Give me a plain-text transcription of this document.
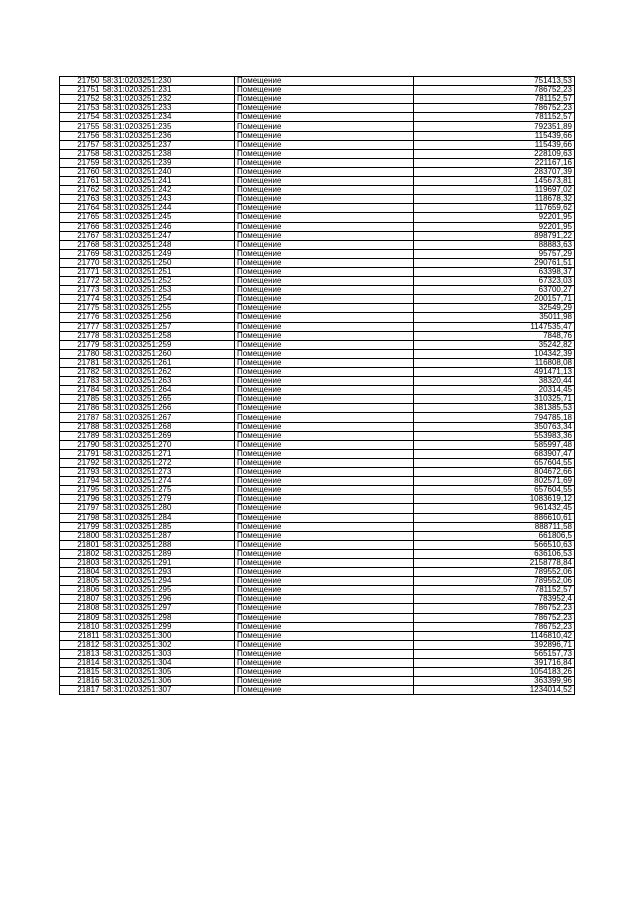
21750	58:31:0203251:230	Помещение	751413,53
21751	58:31:0203251:231	Помещение	786752,23
21752	58:31:0203251:232	Помещение	781152,57
21753	58:31:0203251:233	Помещение	786752,23
21754	58:31:0203251:234	Помещение	781152,57
21755	58:31:0203251:235	Помещение	792351,89
21756	58:31:0203251:236	Помещение	115439,66
21757	58:31:0203251:237	Помещение	115439,66
21758	58:31:0203251:238	Помещение	228109,63
21759	58:31:0203251:239	Помещение	221167,16
21760	58:31:0203251:240	Помещение	283707,39
21761	58:31:0203251:241	Помещение	145673,81
21762	58:31:0203251:242	Помещение	119697,02
21763	58:31:0203251:243	Помещение	118678,32
21764	58:31:0203251:244	Помещение	117659,62
21765	58:31:0203251:245	Помещение	92201,95
21766	58:31:0203251:246	Помещение	92201,95
21767	58:31:0203251:247	Помещение	898791,22
21768	58:31:0203251:248	Помещение	88883,63
21769	58:31:0203251:249	Помещение	95757,29
21770	58:31:0203251:250	Помещение	290761,51
21771	58:31:0203251:251	Помещение	63398,37
21772	58:31:0203251:252	Помещение	67323,03
21773	58:31:0203251:253	Помещение	63700,27
21774	58:31:0203251:254	Помещение	200157,71
21775	58:31:0203251:255	Помещение	32549,29
21776	58:31:0203251:256	Помещение	35011,98
21777	58:31:0203251:257	Помещение	1147535,47
21778	58:31:0203251:258	Помещение	7848,76
21779	58:31:0203251:259	Помещение	35242,82
21780	58:31:0203251:260	Помещение	104342,39
21781	58:31:0203251:261	Помещение	116808,08
21782	58:31:0203251:262	Помещение	491471,13
21783	58:31:0203251:263	Помещение	38320,44
21784	58:31:0203251:264	Помещение	20314,45
21785	58:31:0203251:265	Помещение	310325,71
21786	58:31:0203251:266	Помещение	381385,53
21787	58:31:0203251:267	Помещение	794785,18
21788	58:31:0203251:268	Помещение	350763,34
21789	58:31:0203251:269	Помещение	553983,36
21790	58:31:0203251:270	Помещение	585997,48
21791	58:31:0203251:271	Помещение	683907,47
21792	58:31:0203251:272	Помещение	657604,55
21793	58:31:0203251:273	Помещение	804672,66
21794	58:31:0203251:274	Помещение	802571,69
21795	58:31:0203251:275	Помещение	657604,55
21796	58:31:0203251:279	Помещение	1083619,12
21797	58:31:0203251:280	Помещение	961432,45
21798	58:31:0203251:284	Помещение	886610,61
21799	58:31:0203251:285	Помещение	888711,58
21800	58:31:0203251:287	Помещение	661806,5
21801	58:31:0203251:288	Помещение	566510,63
21802	58:31:0203251:289	Помещение	636106,53
21803	58:31:0203251:291	Помещение	2158778,84
21804	58:31:0203251:293	Помещение	789552,06
21805	58:31:0203251:294	Помещение	789552,06
21806	58:31:0203251:295	Помещение	781152,57
21807	58:31:0203251:296	Помещение	783952,4
21808	58:31:0203251:297	Помещение	786752,23
21809	58:31:0203251:298	Помещение	786752,23
21810	58:31:0203251:299	Помещение	786752,23
21811	58:31:0203251:300	Помещение	1146810,42
21812	58:31:0203251:302	Помещение	392896,71
21813	58:31:0203251:303	Помещение	565157,73
21814	58:31:0203251:304	Помещение	391716,84
21815	58:31:0203251:305	Помещение	1054183,26
21816	58:31:0203251:306	Помещение	363399,96
21817	58:31:0203251:307	Помещение	1234014,52
